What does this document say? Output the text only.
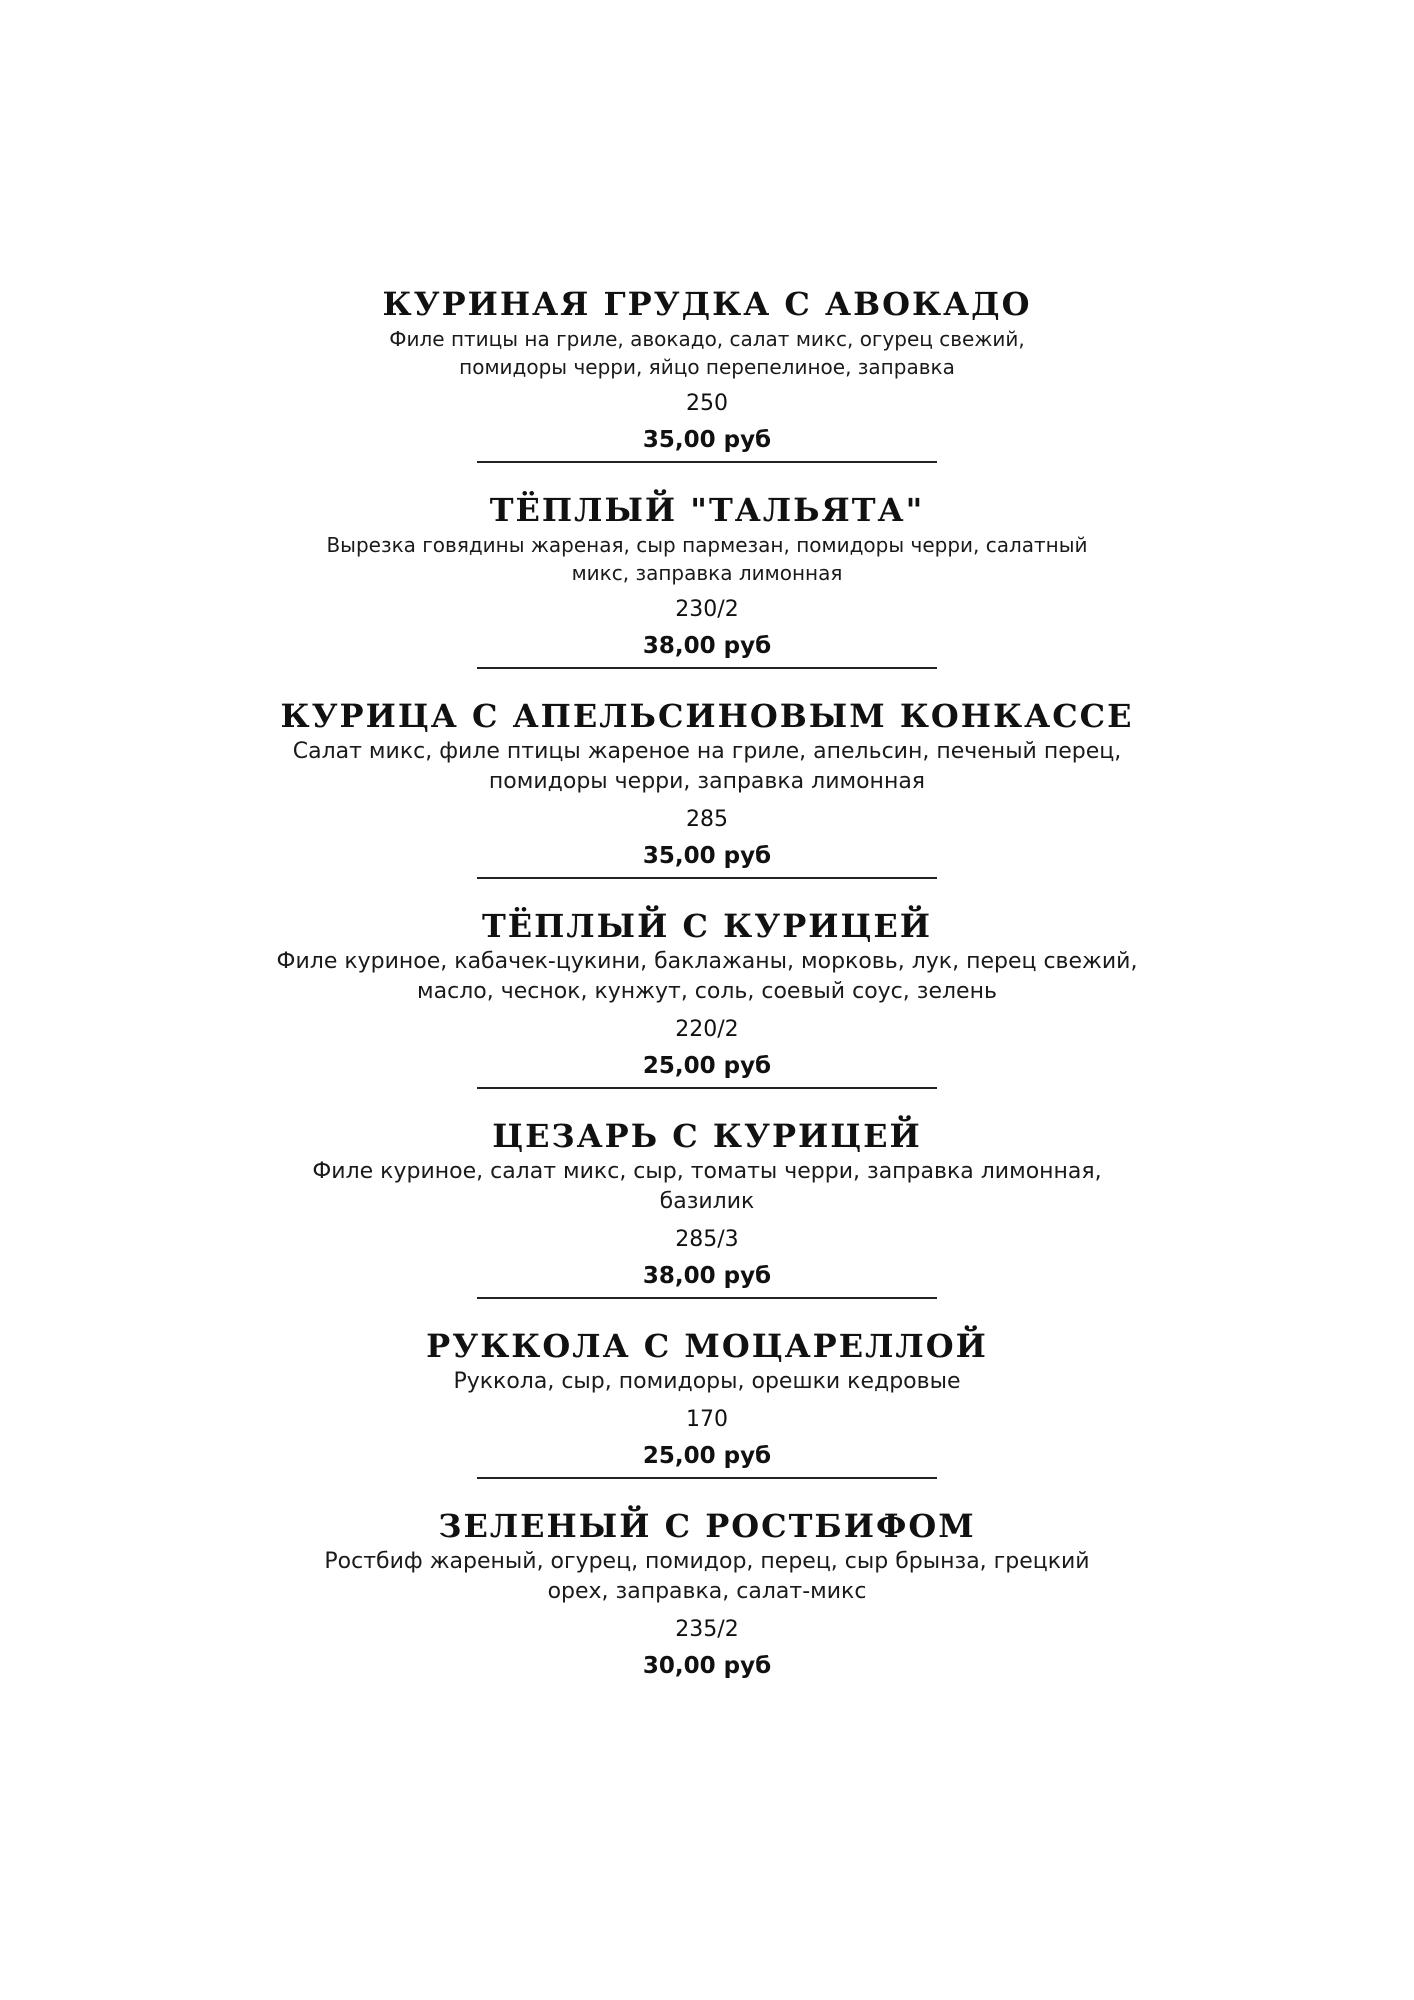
КУРИНАЯ ГРУДКА С АВОКАДО

Филе птицы на гриле, авокадо, салат микс, огурец свежий,
помидоры черри, яйцо перепелиное, заправка

250
35,00 руб
ТЁПЛЫЙ "ТАЛЬЯТА"

Вырезка говядины жареная, сыр пармезан, помидоры черри, салатный
микс, заправка лимонная

230/2
38,00 руб
КУРИЦА С АПЕЛЬСИНОВЫМ КОНКАССЕ

Салат микс, филе птицы жареное на гриле, апельсин, печеный перец,
помидоры черри, заправка лимонная

285
35,00 руб
ТЁПЛЫЙ С КУРИЦЕЙ

Филе куриное, кабачек-цукини, баклажаны, морковь, лук, перец свежий,
масло, чеснок, кунжут, соль, соевый соус, зелень

220/2
25,00 руб
ЦЕЗАРЬ С КУРИЦЕЙ

Филе куриное, салат микс, сыр, томаты черри, заправка лимонная,
базилик

285/3
38,00 руб
РУККОЛА С МОЦАРЕЛЛОЙ

Руккола, сыр, помидоры, орешки кедровые

170
25,00 руб
ЗЕЛЕНЫЙ С РОСТБИФОМ

Ростбиф жареный, огурец, помидор, перец, сыр брынза, грецкий
орех, заправка, салат-микс

235/2
30,00 руб
